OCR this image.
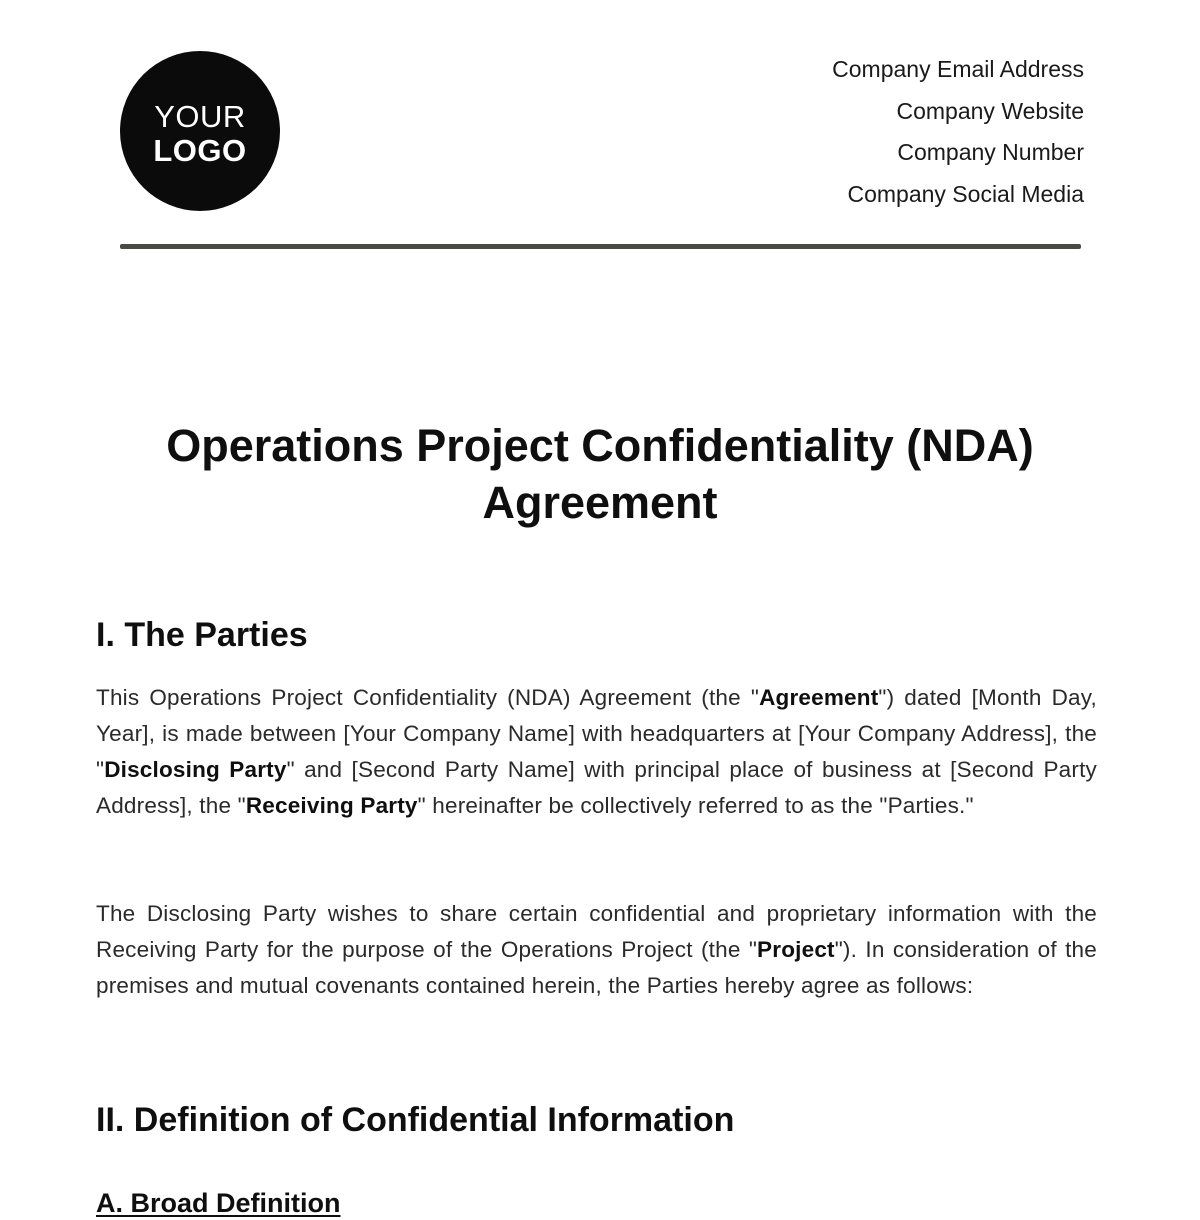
YOUR
LOGO
Company Email Address
Company Website
Company Number
Company Social Media
Operations Project Confidentiality (NDA) Agreement
I. The Parties

This Operations Project Confidentiality (NDA) Agreement (the "Agreement") dated [Month Day, Year], is made between [Your Company Name] with headquarters at [Your Company Address], the "Disclosing Party" and [Second Party Name] with principal place of business at [Second Party Address], the "Receiving Party" hereinafter be collectively referred to as the "Parties."

The Disclosing Party wishes to share certain confidential and proprietary information with the Receiving Party for the purpose of the Operations Project (the "Project"). In consideration of the premises and mutual covenants contained herein, the Parties hereby agree as follows:

II. Definition of Confidential Information
A. Broad Definition
